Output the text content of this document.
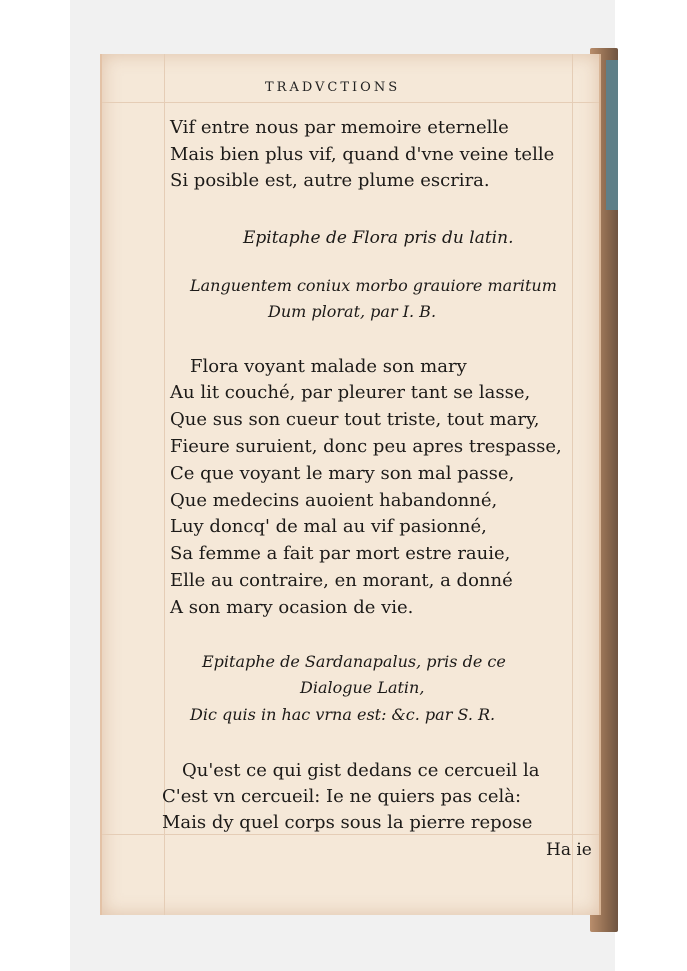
TRADVCTIONS
Vif entre nous par memoire eternelle
Mais bien plus vif, quand d'vne veine telle
Si posible est, autre plume escrira.
Epitaphe de Flora pris du latin.
Languentem coniux morbo grauiore maritum
Dum plorat, par I. B.
Flora voyant malade son mary
Au lit couché, par pleurer tant se lasse,
Que sus son cueur tout triste, tout mary,
Fieure suruient, donc peu apres trespasse,
Ce que voyant le mary son mal passe,
Que medecins auoient habandonné,
Luy doncq' de mal au vif pasionné,
Sa femme a fait par mort estre rauie,
Elle au contraire, en morant, a donné
A son mary ocasion de vie.
Epitaphe de Sardanapalus, pris de ce
Dialogue Latin,
Dic quis in hac vrna est: &c. par S. R.
Qu'est ce qui gist dedans ce cercueil la
C'est vn cercueil: Ie ne quiers pas celà:
Mais dy quel corps sous la pierre repose
Ha ie
